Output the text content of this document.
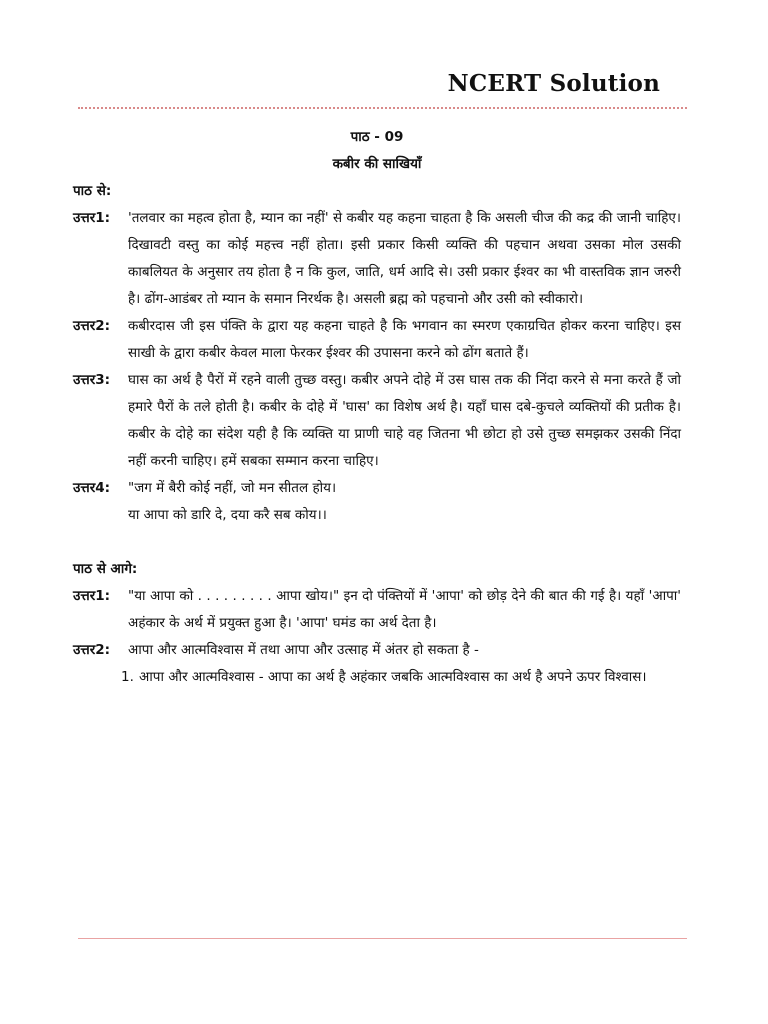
NCERT Solution
पाठ - 09
कबीर की साखियाँ
पाठ से:
उत्तर1: 'तलवार का महत्व होता है, म्यान का नहीं' से कबीर यह कहना चाहता है कि असली चीज की कद्र की जानी चाहिए। दिखावटी वस्तु का कोई महत्त्व नहीं होता। इसी प्रकार किसी व्यक्ति की पहचान अथवा उसका मोल उसकी काबलियत के अनुसार तय होता है न कि कुल, जाति, धर्म आदि से। उसी प्रकार ईश्वर का भी वास्तविक ज्ञान जरुरी है। ढोंग-आडंबर तो म्यान के समान निरर्थक है। असली ब्रह्म को पहचानो और उसी को स्वीकारो।
उत्तर2: कबीरदास जी इस पंक्ति के द्वारा यह कहना चाहते है कि भगवान का स्मरण एकाग्रचित होकर करना चाहिए। इस साखी के द्वारा कबीर केवल माला फेरकर ईश्वर की उपासना करने को ढोंग बताते हैं।
उत्तर3: घास का अर्थ है पैरों में रहने वाली तुच्छ वस्तु। कबीर अपने दोहे में उस घास तक की निंदा करने से मना करते हैं जो हमारे पैरों के तले होती है। कबीर के दोहे में 'घास' का विशेष अर्थ है। यहाँ घास दबे-कुचले व्यक्तियों की प्रतीक है। कबीर के दोहे का संदेश यही है कि व्यक्ति या प्राणी चाहे वह जितना भी छोटा हो उसे तुच्छ समझकर उसकी निंदा नहीं करनी चाहिए। हमें सबका सम्मान करना चाहिए।
उत्तर4: "जग में बैरी कोई नहीं, जो मन सीतल होय।
या आपा को डारि दे, दया करै सब कोय।।
पाठ से आगे:
उत्तर1: "या आपा को . . . . . . . . . आपा खोय।" इन दो पंक्तियों में 'आपा' को छोड़ देने की बात की गई है। यहाँ 'आपा' अहंकार के अर्थ में प्रयुक्त हुआ है। 'आपा' घमंड का अर्थ देता है।
उत्तर2: आपा और आत्मविश्वास में तथा आपा और उत्साह में अंतर हो सकता है -
1. आपा और आत्मविश्वास - आपा का अर्थ है अहंकार जबकि आत्मविश्वास का अर्थ है अपने ऊपर विश्वास।
